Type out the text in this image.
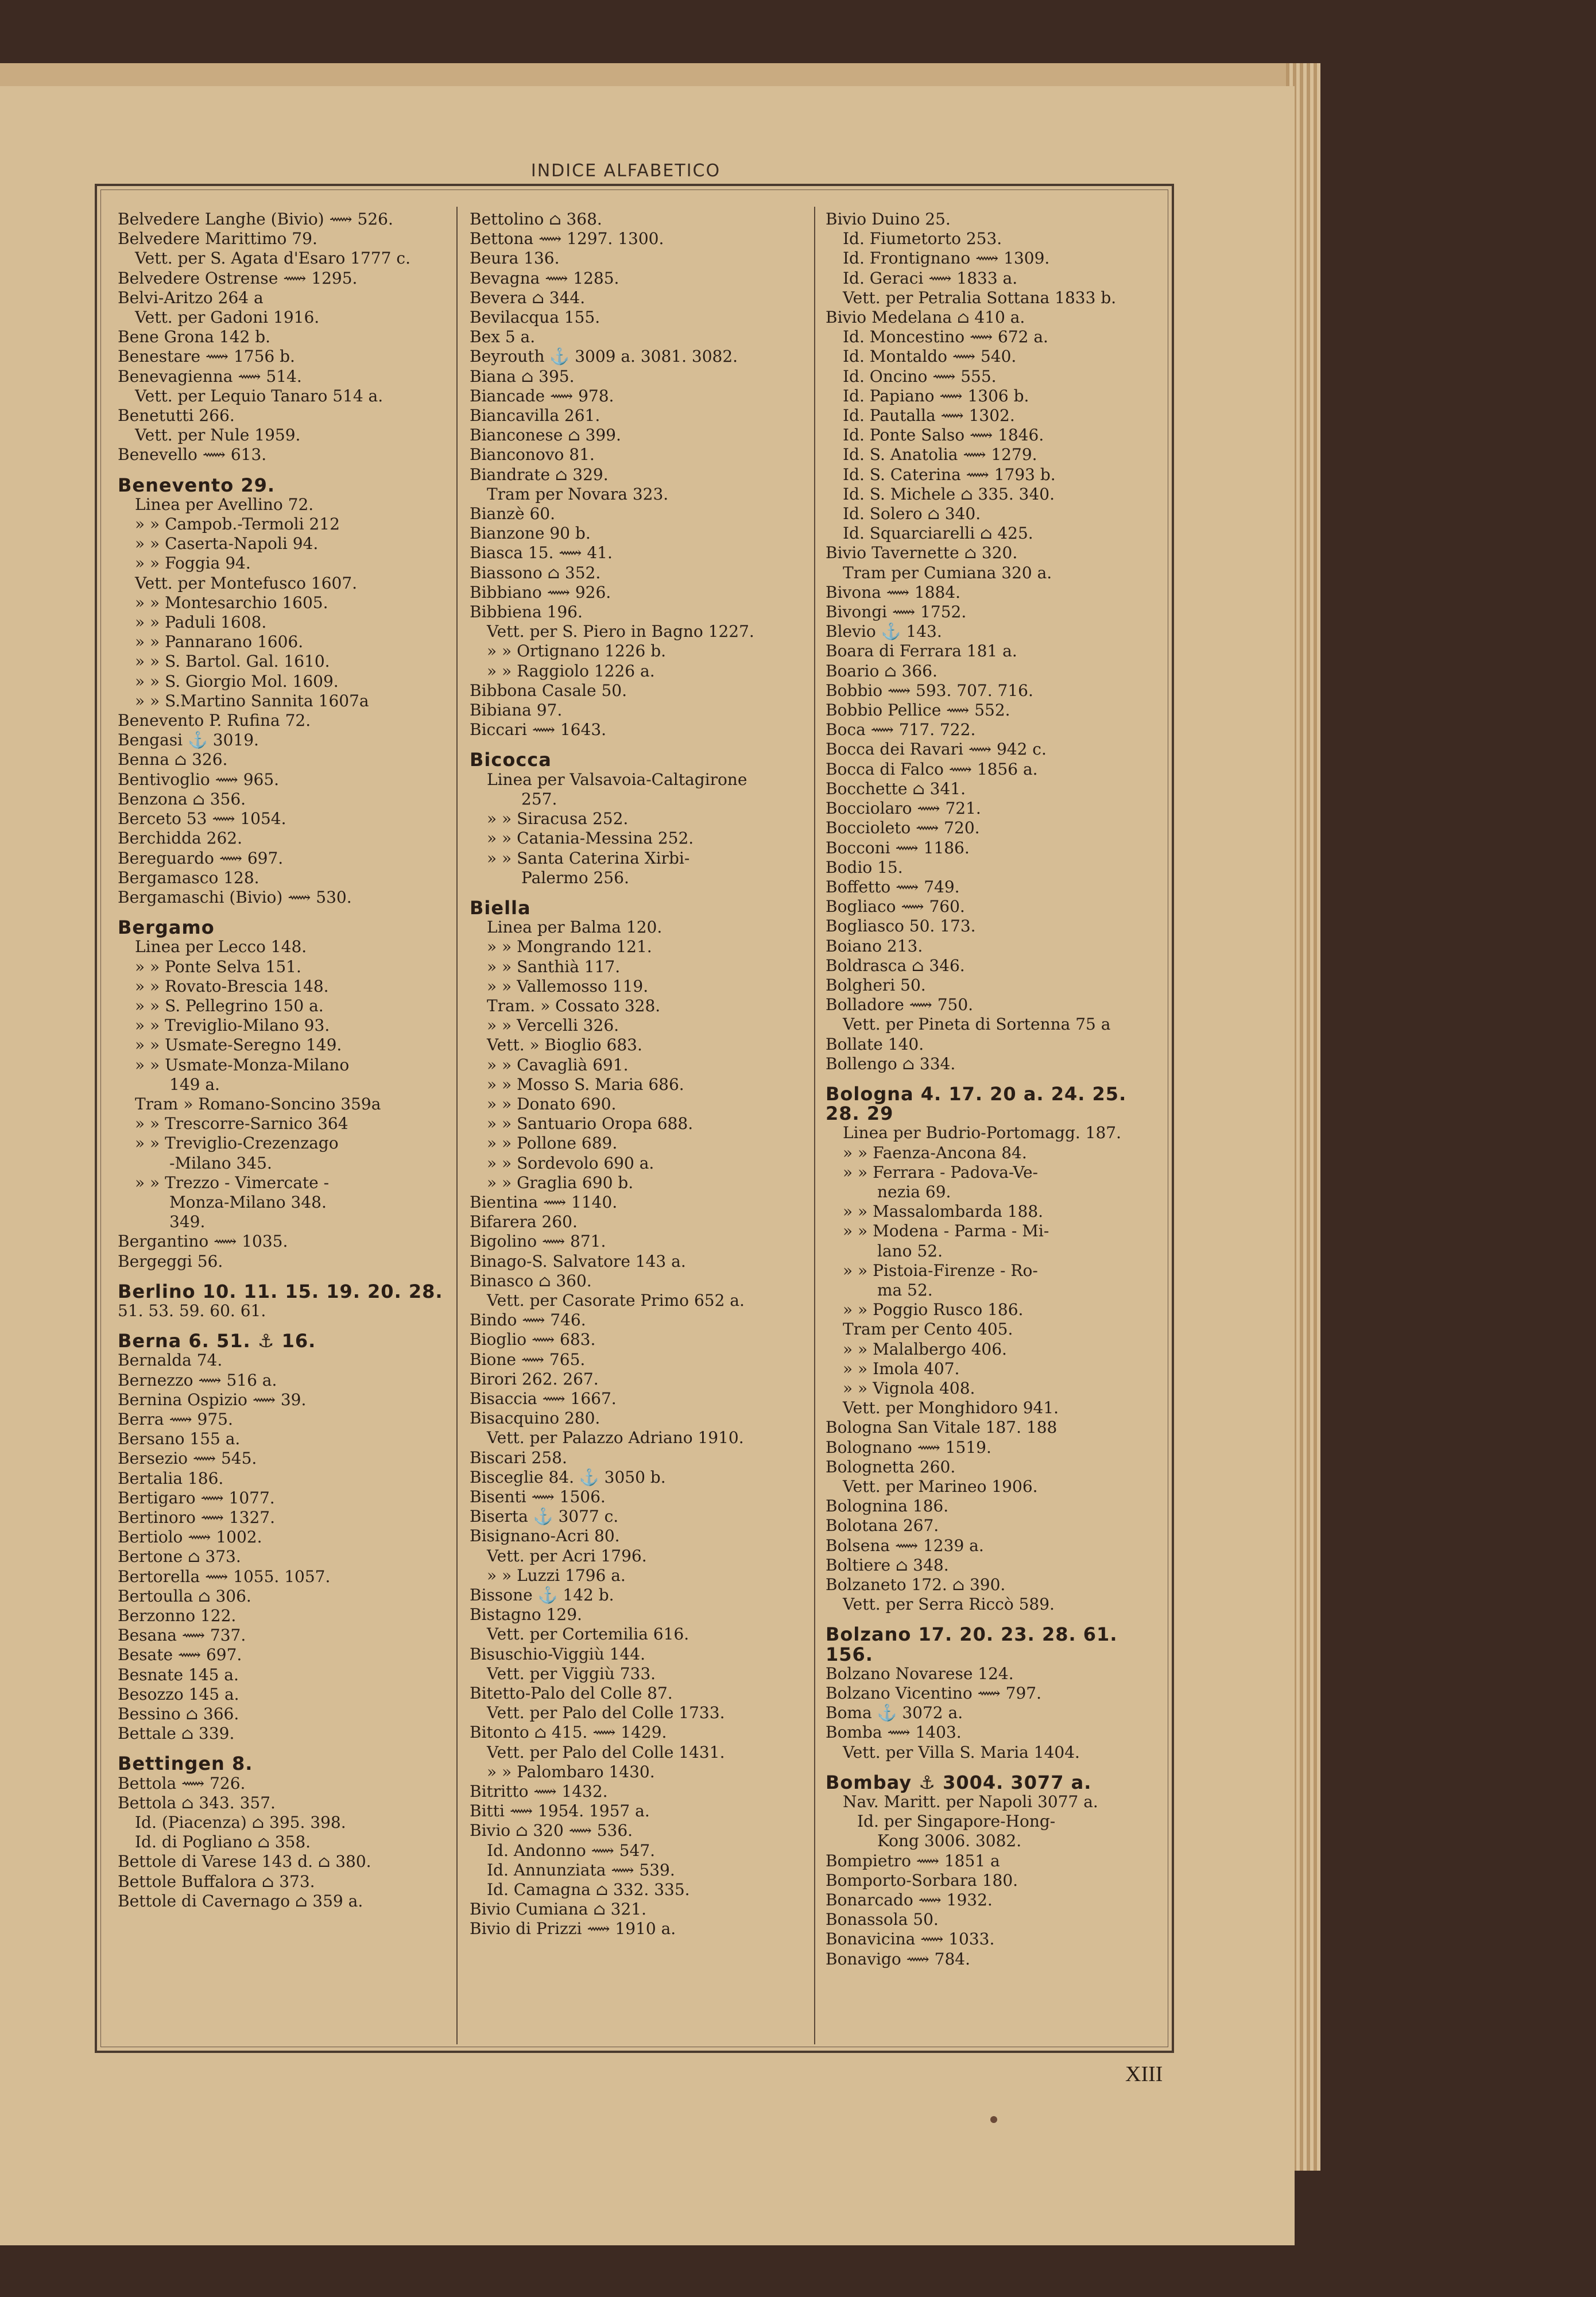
INDICE ALFABETICO
Belvedere Langhe (Bivio) ⟿ 526.
Belvedere Marittimo 79.
Vett. per S. Agata d'Esaro 1777 c.
Belvedere Ostrense ⟿ 1295.
Belvi-Aritzo 264 a
Vett. per Gadoni 1916.
Bene Grona 142 b.
Benestare ⟿ 1756 b.
Benevagienna ⟿ 514.
Vett. per Lequio Tanaro 514 a.
Benetutti 266.
Vett. per Nule 1959.
Benevello ⟿ 613.
Benevento 29.
Linea per Avellino 72.
» » Campob.-Termoli 212
» » Caserta-Napoli 94.
» » Foggia 94.
Vett. per Montefusco 1607.
» » Montesarchio 1605.
» » Paduli 1608.
» » Pannarano 1606.
» » S. Bartol. Gal. 1610.
» » S. Giorgio Mol. 1609.
» » S.Martino Sannita 1607a
Benevento P. Rufina 72.
Bengasi ⚓ 3019.
Benna ⌂ 326.
Bentivoglio ⟿ 965.
Benzona ⌂ 356.
Berceto 53 ⟿ 1054.
Berchidda 262.
Bereguardo ⟿ 697.
Bergamasco 128.
Bergamaschi (Bivio) ⟿ 530.
Bergamo
Linea per Lecco 148.
» » Ponte Selva 151.
» » Rovato-Brescia 148.
» » S. Pellegrino 150 a.
» » Treviglio-Milano 93.
» » Usmate-Seregno 149.
» » Usmate-Monza-Milano
149 a.
Tram » Romano-Soncino 359a
» » Trescorre-Sarnico 364
» » Treviglio-Crezenzago
-Milano 345.
» » Trezzo - Vimercate -
Monza-Milano 348.
349.
Bergantino ⟿ 1035.
Bergeggi 56.
Berlino 10. 11. 15. 19. 20. 28.
51. 53. 59. 60. 61.
Berna 6. 51. ⚓ 16.
Bernalda 74.
Bernezzo ⟿ 516 a.
Bernina Ospizio ⟿ 39.
Berra ⟿ 975.
Bersano 155 a.
Bersezio ⟿ 545.
Bertalia 186.
Bertigaro ⟿ 1077.
Bertinoro ⟿ 1327.
Bertiolo ⟿ 1002.
Bertone ⌂ 373.
Bertorella ⟿ 1055. 1057.
Bertoulla ⌂ 306.
Berzonno 122.
Besana ⟿ 737.
Besate ⟿ 697.
Besnate 145 a.
Besozzo 145 a.
Bessino ⌂ 366.
Bettale ⌂ 339.
Bettingen 8.
Bettola ⟿ 726.
Bettola ⌂ 343. 357.
Id. (Piacenza) ⌂ 395. 398.
Id. di Pogliano ⌂ 358.
Bettole di Varese 143 d. ⌂ 380.
Bettole Buffalora ⌂ 373.
Bettole di Cavernago ⌂ 359 a.
Bettolino ⌂ 368.
Bettona ⟿ 1297. 1300.
Beura 136.
Bevagna ⟿ 1285.
Bevera ⌂ 344.
Bevilacqua 155.
Bex 5 a.
Beyrouth ⚓ 3009 a. 3081. 3082.
Biana ⌂ 395.
Biancade ⟿ 978.
Biancavilla 261.
Bianconese ⌂ 399.
Bianconovo 81.
Biandrate ⌂ 329.
Tram per Novara 323.
Bianzè 60.
Bianzone 90 b.
Biasca 15. ⟿ 41.
Biassono ⌂ 352.
Bibbiano ⟿ 926.
Bibbiena 196.
Vett. per S. Piero in Bagno 1227.
» » Ortignano 1226 b.
» » Raggiolo 1226 a.
Bibbona Casale 50.
Bibiana 97.
Biccari ⟿ 1643.
Bicocca
Linea per Valsavoia-Caltagirone
257.
» » Siracusa 252.
» » Catania-Messina 252.
» » Santa Caterina Xirbi-
Palermo 256.
Biella
Linea per Balma 120.
» » Mongrando 121.
» » Santhià 117.
» » Vallemosso 119.
Tram. » Cossato 328.
» » Vercelli 326.
Vett. » Bioglio 683.
» » Cavaglià 691.
» » Mosso S. Maria 686.
» » Donato 690.
» » Santuario Oropa 688.
» » Pollone 689.
» » Sordevolo 690 a.
» » Graglia 690 b.
Bientina ⟿ 1140.
Bifarera 260.
Bigolino ⟿ 871.
Binago-S. Salvatore 143 a.
Binasco ⌂ 360.
Vett. per Casorate Primo 652 a.
Bindo ⟿ 746.
Bioglio ⟿ 683.
Bione ⟿ 765.
Birori 262. 267.
Bisaccia ⟿ 1667.
Bisacquino 280.
Vett. per Palazzo Adriano 1910.
Biscari 258.
Bisceglie 84. ⚓ 3050 b.
Bisenti ⟿ 1506.
Biserta ⚓ 3077 c.
Bisignano-Acri 80.
Vett. per Acri 1796.
» » Luzzi 1796 a.
Bissone ⚓ 142 b.
Bistagno 129.
Vett. per Cortemilia 616.
Bisuschio-Viggiù 144.
Vett. per Viggiù 733.
Bitetto-Palo del Colle 87.
Vett. per Palo del Colle 1733.
Bitonto ⌂ 415. ⟿ 1429.
Vett. per Palo del Colle 1431.
» » Palombaro 1430.
Bitritto ⟿ 1432.
Bitti ⟿ 1954. 1957 a.
Bivio ⌂ 320 ⟿ 536.
Id. Andonno ⟿ 547.
Id. Annunziata ⟿ 539.
Id. Camagna ⌂ 332. 335.
Bivio Cumiana ⌂ 321.
Bivio di Prizzi ⟿ 1910 a.
Bivio Duino 25.
Id. Fiumetorto 253.
Id. Frontignano ⟿ 1309.
Id. Geraci ⟿ 1833 a.
Vett. per Petralia Sottana 1833 b.
Bivio Medelana ⌂ 410 a.
Id. Moncestino ⟿ 672 a.
Id. Montaldo ⟿ 540.
Id. Oncino ⟿ 555.
Id. Papiano ⟿ 1306 b.
Id. Pautalla ⟿ 1302.
Id. Ponte Salso ⟿ 1846.
Id. S. Anatolia ⟿ 1279.
Id. S. Caterina ⟿ 1793 b.
Id. S. Michele ⌂ 335. 340.
Id. Solero ⌂ 340.
Id. Squarciarelli ⌂ 425.
Bivio Tavernette ⌂ 320.
Tram per Cumiana 320 a.
Bivona ⟿ 1884.
Bivongi ⟿ 1752.
Blevio ⚓ 143.
Boara di Ferrara 181 a.
Boario ⌂ 366.
Bobbio ⟿ 593. 707. 716.
Bobbio Pellice ⟿ 552.
Boca ⟿ 717. 722.
Bocca dei Ravari ⟿ 942 c.
Bocca di Falco ⟿ 1856 a.
Bocchette ⌂ 341.
Bocciolaro ⟿ 721.
Boccioleto ⟿ 720.
Bocconi ⟿ 1186.
Bodio 15.
Boffetto ⟿ 749.
Bogliaco ⟿ 760.
Bogliasco 50. 173.
Boiano 213.
Boldrasca ⌂ 346.
Bolgheri 50.
Bolladore ⟿ 750.
Vett. per Pineta di Sortenna 75 a
Bollate 140.
Bollengo ⌂ 334.
Bologna 4. 17. 20 a. 24. 25. 28. 29
Linea per Budrio-Portomagg. 187.
» » Faenza-Ancona 84.
» » Ferrara - Padova-Ve-
nezia 69.
» » Massalombarda 188.
» » Modena - Parma - Mi-
lano 52.
» » Pistoia-Firenze - Ro-
ma 52.
» » Poggio Rusco 186.
Tram per Cento 405.
» » Malalbergo 406.
» » Imola 407.
» » Vignola 408.
Vett. per Monghidoro 941.
Bologna San Vitale 187. 188
Bolognano ⟿ 1519.
Bolognetta 260.
Vett. per Marineo 1906.
Bolognina 186.
Bolotana 267.
Bolsena ⟿ 1239 a.
Boltiere ⌂ 348.
Bolzaneto 172. ⌂ 390.
Vett. per Serra Riccò 589.
Bolzano 17. 20. 23. 28. 61. 156.
Bolzano Novarese 124.
Bolzano Vicentino ⟿ 797.
Boma ⚓ 3072 a.
Bomba ⟿ 1403.
Vett. per Villa S. Maria 1404.
Bombay ⚓ 3004. 3077 a.
Nav. Maritt. per Napoli 3077 a.
Id. per Singapore-Hong-
Kong 3006. 3082.
Bompietro ⟿ 1851 a
Bomporto-Sorbara 180.
Bonarcado ⟿ 1932.
Bonassola 50.
Bonavicina ⟿ 1033.
Bonavigo ⟿ 784.
XIII
